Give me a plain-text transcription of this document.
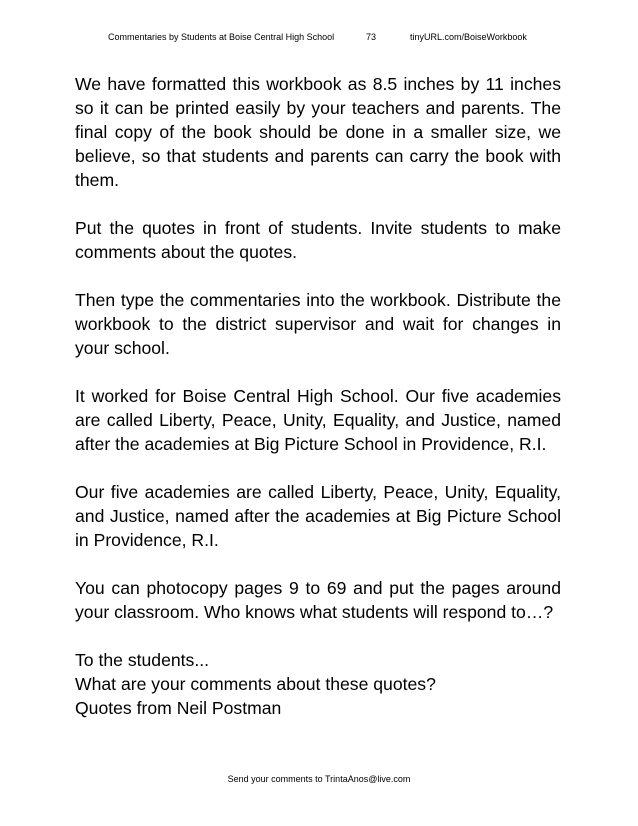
Commentaries by Students at Boise Central High School	73	tinyURL.com/BoiseWorkbook

We have formatted this workbook as 8.5 inches by 11 inches so it can be printed easily by your teachers and parents. The final copy of the book should be done in a smaller size, we believe, so that students and parents can carry the book with them.

Put the quotes in front of students. Invite students to make comments about the quotes.

Then type the commentaries into the workbook. Distribute the workbook to the district supervisor and wait for changes in your school.

It worked for Boise Central High School. Our five academies are called Liberty, Peace, Unity, Equality, and Justice, named after the academies at Big Picture School in Providence, R.I.

Our five academies are called Liberty, Peace, Unity, Equality, and Justice, named after the academies at Big Picture School in Providence, R.I.

You can photocopy pages 9 to 69 and put the pages around your classroom. Who knows what students will respond to…?

To the students...
What are your comments about these quotes?
Quotes from Neil Postman
Send your comments to TrintaAnos@live.com
